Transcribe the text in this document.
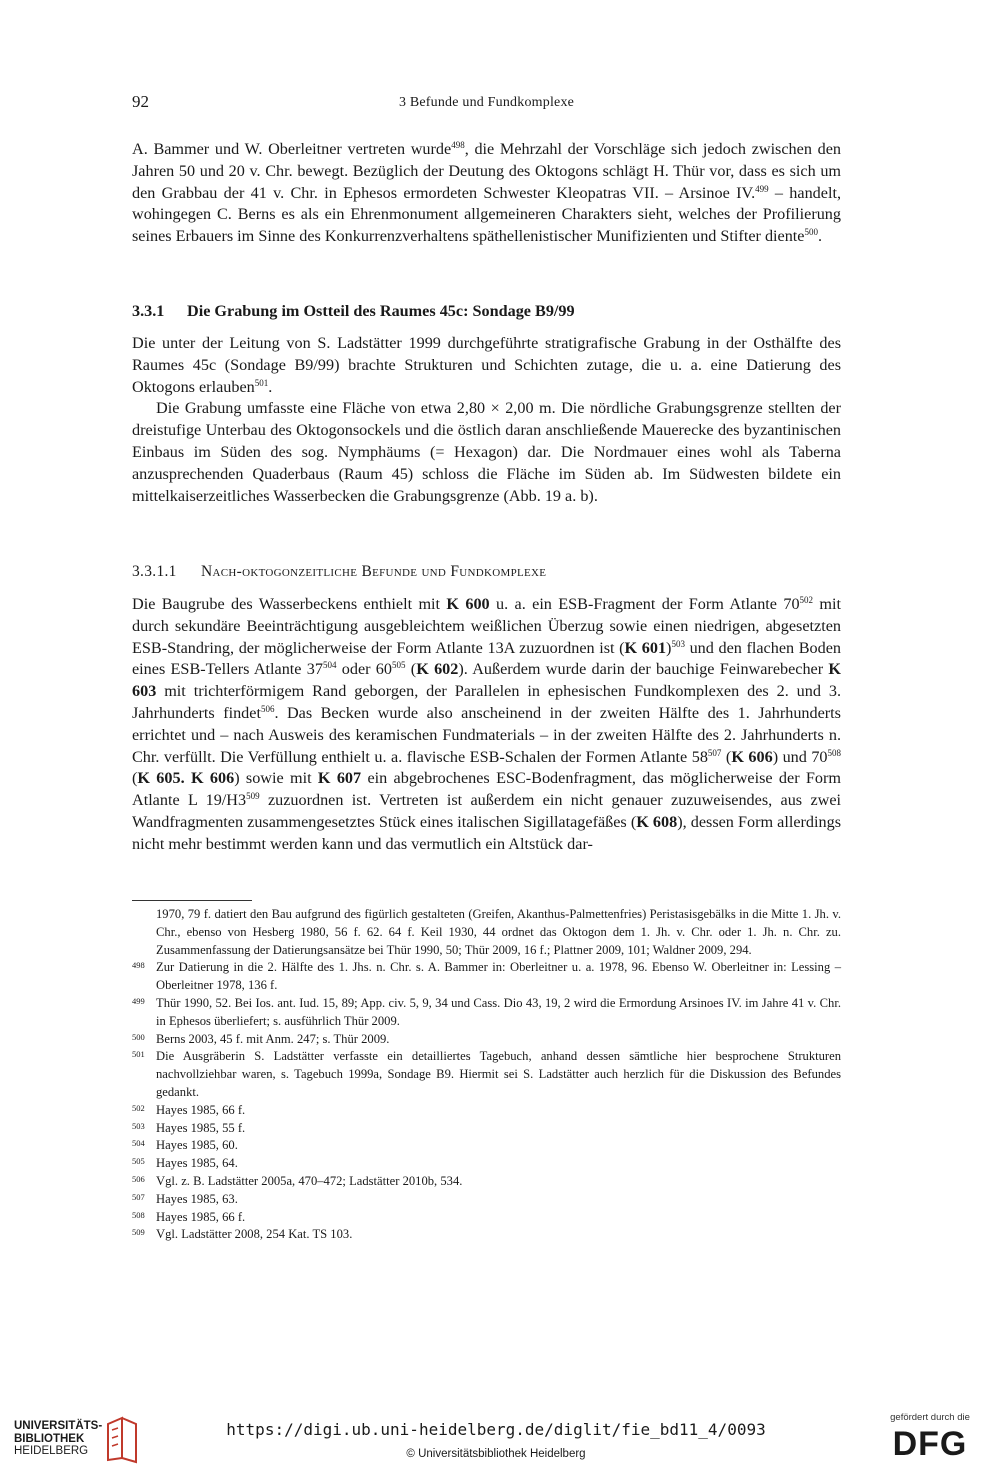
92	3 Befunde und Fundkomplexe

A. Bammer und W. Oberleitner vertreten wurde$^{498}$, die Mehrzahl der Vorschläge sich jedoch zwischen den Jahren 50 und 20 v. Chr. bewegt. Bezüglich der Deutung des Oktogons schlägt H. Thür vor, dass es sich um den Grabbau der 41 v. Chr. in Ephesos ermordeten Schwester Kleopatras VII. – Arsinoe IV.$^{499}$ – handelt, wohingegen C. Berns es als ein Ehrenmonument allgemeineren Charakters sieht, welches der Profilierung seines Erbauers im Sinne des Konkurrenzverhaltens späthellenistischer Munifizienten und Stifter diente$^{500}$.

3.3.1 Die Grabung im Ostteil des Raumes 45c: Sondage B9/99

Die unter der Leitung von S. Ladstätter 1999 durchgeführte stratigrafische Grabung in der Osthälfte des Raumes 45c (Sondage B9/99) brachte Strukturen und Schichten zutage, die u. a. eine Datierung des Oktogons erlauben$^{501}$.

Die Grabung umfasste eine Fläche von etwa 2,80 × 2,00 m. Die nördliche Grabungsgrenze stellten der dreistufige Unterbau des Oktogonsockels und die östlich daran anschließende Mauerecke des byzantinischen Einbaus im Süden des sog. Nymphäums (= Hexagon) dar. Die Nordmauer eines wohl als Taberna anzusprechenden Quaderbaus (Raum 45) schloss die Fläche im Süden ab. Im Südwesten bildete ein mittelkaiserzeitliches Wasserbecken die Grabungsgrenze (Abb. 19 a. b).

3.3.1.1 Nach-oktogonzeitliche Befunde und Fundkomplexe

Die Baugrube des Wasserbeckens enthielt mit K 600 u. a. ein ESB-Fragment der Form Atlante $70^{502}$ mit durch sekundäre Beeinträchtigung ausgebleichtem weißlichen Überzug sowie einen niedrigen, abgesetzten ESB-Standring, der möglicherweise der Form Atlante 13A zuzuordnen ist (K 601)$^{503}$ und den flachen Boden eines ESB-Tellers Atlante $37^{504}$ oder $60^{505}$ (K 602). Außerdem wurde darin der bauchige Feinwarebecher K 603 mit trichterförmigem Rand geborgen, der Parallelen in ephesischen Fundkomplexen des 2. und 3. Jahrhunderts findet$^{506}$. Das Becken wurde also anscheinend in der zweiten Hälfte des 1. Jahrhunderts errichtet und – nach Ausweis des keramischen Fundmaterials – in der zweiten Hälfte des 2. Jahrhunderts n. Chr. verfüllt. Die Verfüllung enthielt u. a. flavische ESB-Schalen der Formen Atlante $58^{507}$ (K 606) und $70^{508}$ (K 605. K 606) sowie mit K 607 ein abgebrochenes ESC-Bodenfragment, das möglicherweise der Form Atlante L $19/H3^{509}$ zuzuordnen ist. Vertreten ist außerdem ein nicht genauer zuzuweisendes, aus zwei Wandfragmenten zusammengesetztes Stück eines italischen Sigillatagefäßes (K 608), dessen Form allerdings nicht mehr bestimmt werden kann und das vermutlich ein Altstück dar-

1970, 79 f. datiert den Bau aufgrund des figürlich gestalteten (Greifen, Akanthus-Palmettenfries) Peristasisgebälks in die Mitte 1. Jh. v. Chr., ebenso von Hesberg 1980, 56 f. 62. 64 f. Keil 1930, 44 ordnet das Oktogon dem 1. Jh. v. Chr. oder 1. Jh. n. Chr. zu. Zusammenfassung der Datierungsansätze bei Thür 1990, 50; Thür 2009, 16 f.; Plattner 2009, 101; Waldner 2009, 294.
498 Zur Datierung in die 2. Hälfte des 1. Jhs. n. Chr. s. A. Bammer in: Oberleitner u. a. 1978, 96. Ebenso W. Oberleitner in: Lessing – Oberleitner 1978, 136 f.
499 Thür 1990, 52. Bei Ios. ant. Iud. 15, 89; App. civ. 5, 9, 34 und Cass. Dio 43, 19, 2 wird die Ermordung Arsinoes IV. im Jahre 41 v. Chr. in Ephesos überliefert; s. ausführlich Thür 2009.
500 Berns 2003, 45 f. mit Anm. 247; s. Thür 2009.
501 Die Ausgräberin S. Ladstätter verfasste ein detailliertes Tagebuch, anhand dessen sämtliche hier besprochene Strukturen nachvollziehbar waren, s. Tagebuch 1999a, Sondage B9. Hiermit sei S. Ladstätter auch herzlich für die Diskussion des Befundes gedankt.
502 Hayes 1985, 66 f.
503 Hayes 1985, 55 f.
504 Hayes 1985, 60.
505 Hayes 1985, 64.
506 Vgl. z. B. Ladstätter 2005a, 470–472; Ladstätter 2010b, 534.
507 Hayes 1985, 63.
508 Hayes 1985, 66 f.
509 Vgl. Ladstätter 2008, 254 Kat. TS 103.
UNIVERSITÄTS-
BIBLIOTHEK
HEIDELBERG
https://digi.ub.uni-heidelberg.de/diglit/fie_bd11_4/0093
© Universitätsbibliothek Heidelberg
gefördert durch die
DFG
